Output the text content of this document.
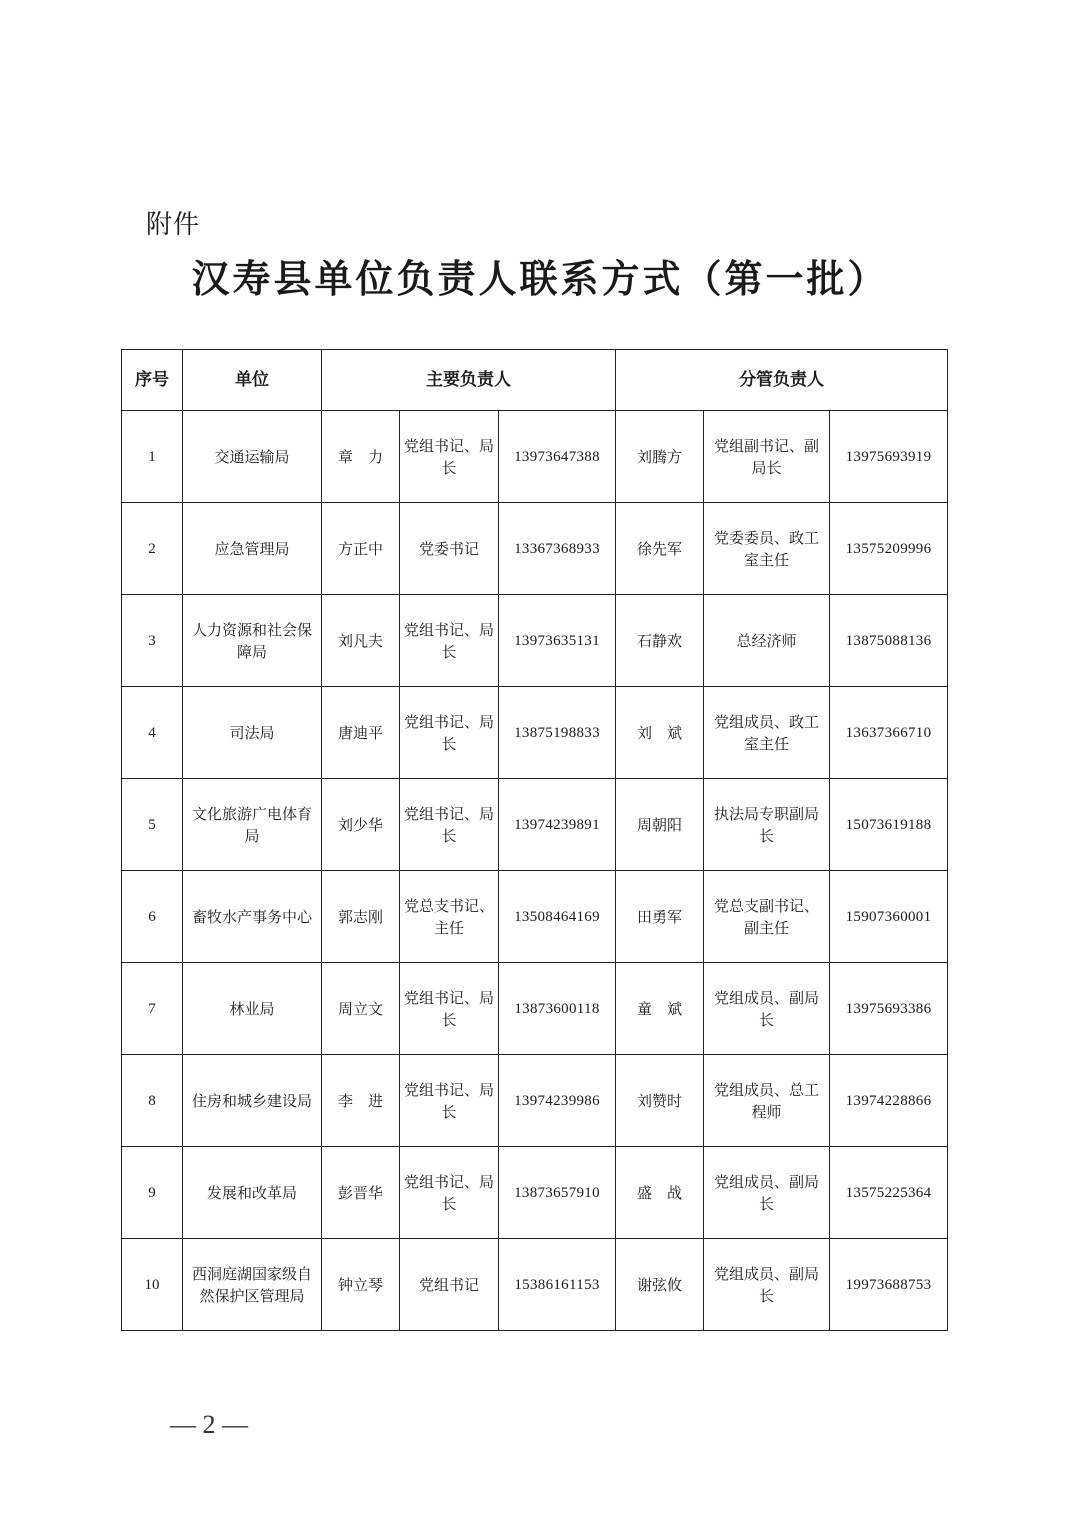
附件
汉寿县单位负责人联系方式（第一批）
序号	单位	主要负责人			分管负责人		
1	交通运输局	章　力	党组书记、局长	13973647388	刘腾方	党组副书记、副局长	13975693919
2	应急管理局	方正中	党委书记	13367368933	徐先军	党委委员、政工室主任	13575209996
3	人力资源和社会保障局	刘凡夫	党组书记、局长	13973635131	石静欢	总经济师	13875088136
4	司法局	唐迪平	党组书记、局长	13875198833	刘　斌	党组成员、政工室主任	13637366710
5	文化旅游广电体育局	刘少华	党组书记、局长	13974239891	周朝阳	执法局专职副局长	15073619188
6	畜牧水产事务中心	郭志刚	党总支书记、主任	13508464169	田勇军	党总支副书记、副主任	15907360001
7	林业局	周立文	党组书记、局长	13873600118	童　斌	党组成员、副局长	13975693386
8	住房和城乡建设局	李　进	党组书记、局长	13974239986	刘赞时	党组成员、总工程师	13974228866
9	发展和改革局	彭晋华	党组书记、局长	13873657910	盛　战	党组成员、副局长	13575225364
10	西洞庭湖国家级自然保护区管理局	钟立琴	党组书记	15386161153	谢弦攸	党组成员、副局长	19973688753
— 2 —
